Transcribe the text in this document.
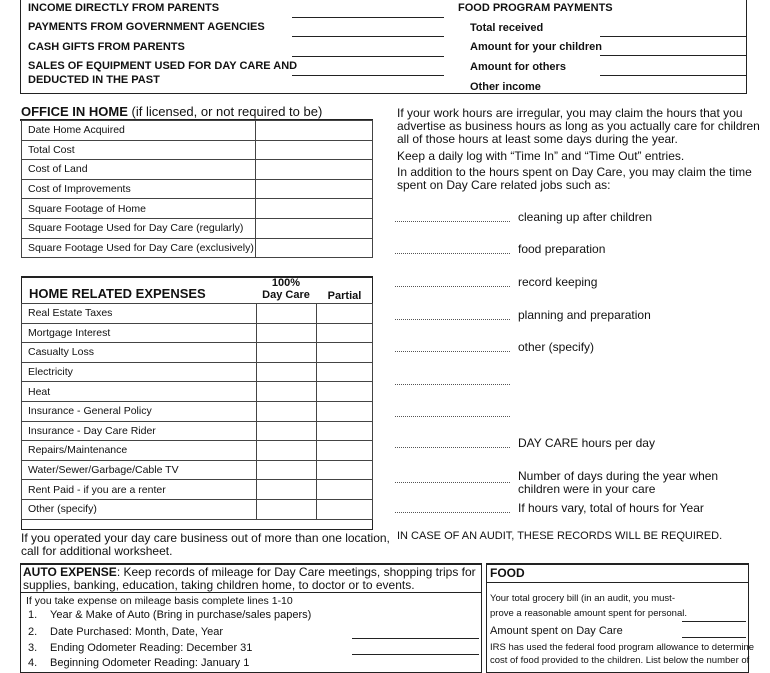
INCOME DIRECTLY FROM PARENTS
PAYMENTS FROM GOVERNMENT AGENCIES
CASH GIFTS FROM PARENTS
SALES OF EQUIPMENT USED FOR DAY CARE AND
DEDUCTED IN THE PAST
FOOD PROGRAM PAYMENTS
Total received
Amount for your children
Amount for others
Other income
OFFICE IN HOME (if licensed, or not required to be)
Date Home Acquired	
Total Cost	
Cost of Land	
Cost of Improvements	
Square Footage of Home	
Square Footage Used for Day Care (regularly)	
Square Footage Used for Day Care (exclusively)	
HOME RELATED EXPENSES
100%
Day Care	Partial
Real Estate Taxes		
Mortgage Interest		
Casualty Loss		
Electricity		
Heat		
Insurance - General Policy		
Insurance - Day Care Rider		
Repairs/Maintenance		
Water/Sewer/Garbage/Cable TV		
Rent Paid - if you are a renter		
Other (specify)		
If you operated your day care business out of more than one location,
call for additional worksheet.
If your work hours are irregular, you may claim the hours that you
advertise as business hours as long as you actually care for children
all of those hours at least some days during the year.
Keep a daily log with “Time In” and “Time Out” entries.
In addition to the hours spent on Day Care, you may claim the time
spent on Day Care related jobs such as:
cleaning up after children
food preparation
record keeping
planning and preparation
other (specify)
DAY CARE hours per day
Number of days during the year when
children were in your care
If hours vary, total of hours for Year
IN CASE OF AN AUDIT, THESE RECORDS WILL BE REQUIRED.
AUTO EXPENSE: Keep records of mileage for Day Care meetings, shopping trips for
supplies, banking, education, taking children home, to doctor or to events.
If you take expense on mileage basis complete lines 1-10
1. Year & Make of Auto (Bring in purchase/sales papers)
2. Date Purchased: Month, Date, Year
3. Ending Odometer Reading: December 31
4. Beginning Odometer Reading: January 1
FOOD
Your total grocery bill (in an audit, you must-
prove a reasonable amount spent for personal.
Amount spent on Day Care
IRS has used the federal food program allowance to determine
cost of food provided to the children. List below the number of
